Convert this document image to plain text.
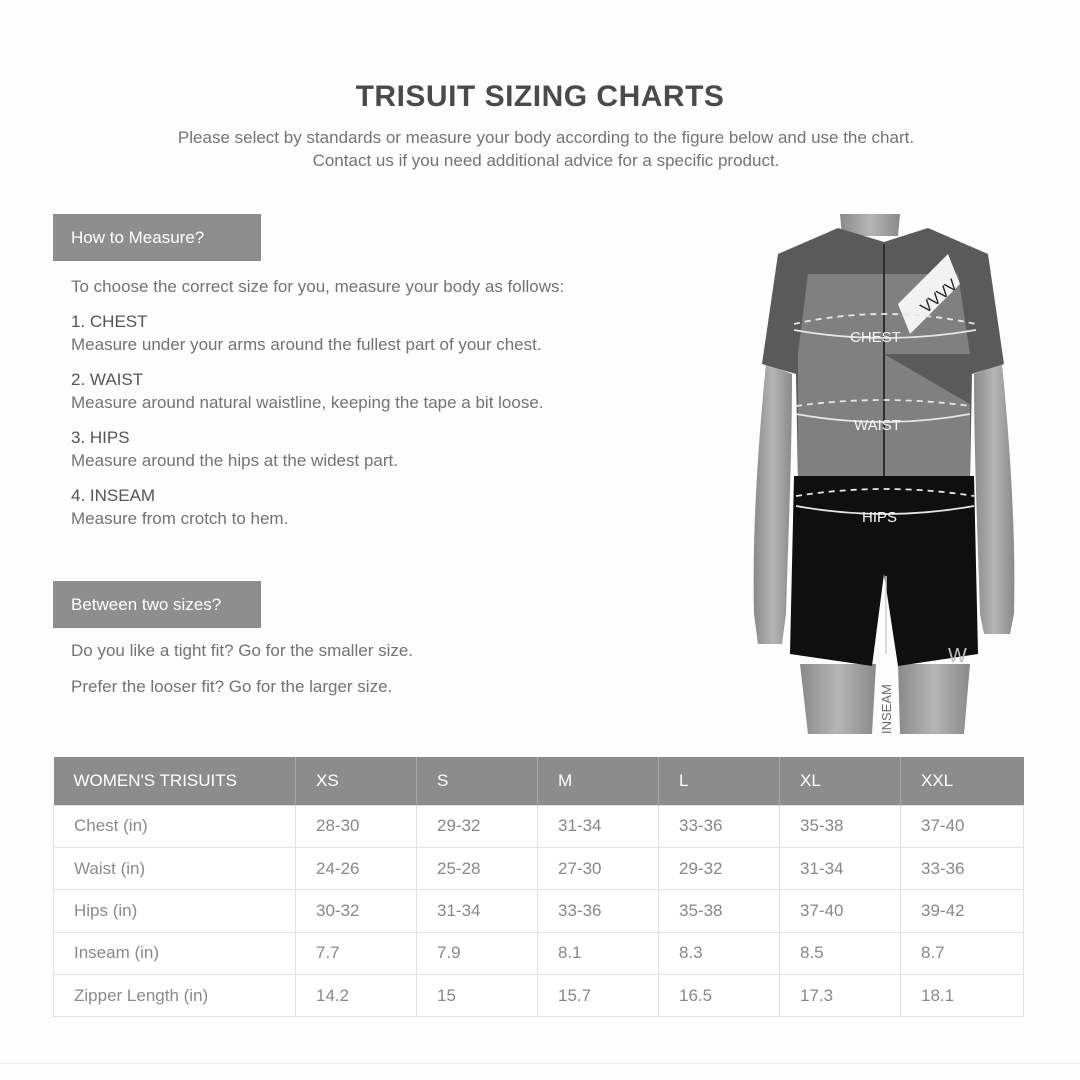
TRISUIT SIZING CHARTS

Please select by standards or measure your body according to the figure below and use the chart.

Contact us if you need additional advice for a specific product.

How to Measure?
To choose the correct size for you, measure your body as follows:
1. CHEST
Measure under your arms around the fullest part of your chest.
2. WAIST
Measure around natural waistline, keeping the tape a bit loose.
3. HIPS
Measure around the hips at the widest part.
4. INSEAM
Measure from crotch to hem.
Between two sizes?
Do you like a tight fit? Go for the smaller size.
Prefer the looser fit? Go for the larger size.
VVVV
W
CHEST
WAIST
HIPS
INSEAM
WOMEN'S TRISUITS	XS	S	M	L	XL	XXL
Chest (in)	28-30	29-32	31-34	33-36	35-38	37-40
Waist (in)	24-26	25-28	27-30	29-32	31-34	33-36
Hips (in)	30-32	31-34	33-36	35-38	37-40	39-42
Inseam (in)	7.7	7.9	8.1	8.3	8.5	8.7
Zipper Length (in)	14.2	15	15.7	16.5	17.3	18.1
